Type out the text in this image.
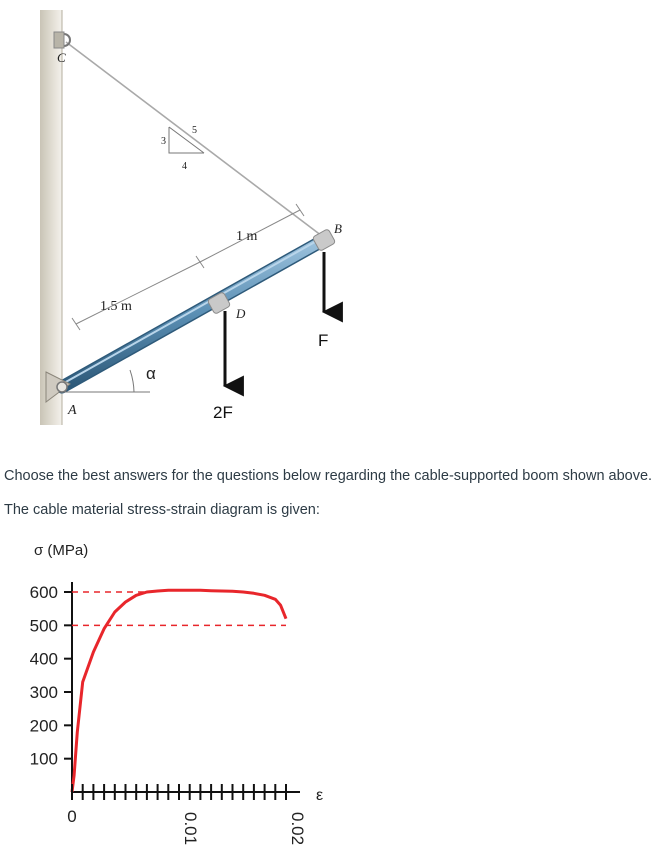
C
3
5
4
A
D
B
1.5 m
1 m
α
F
2F
Choose the best answers for the questions below regarding the cable-supported boom shown above.
The cable material stress-strain diagram is given:
σ (MPa)
ε
600
500
400
300
200
100
0	0.01	0.02
